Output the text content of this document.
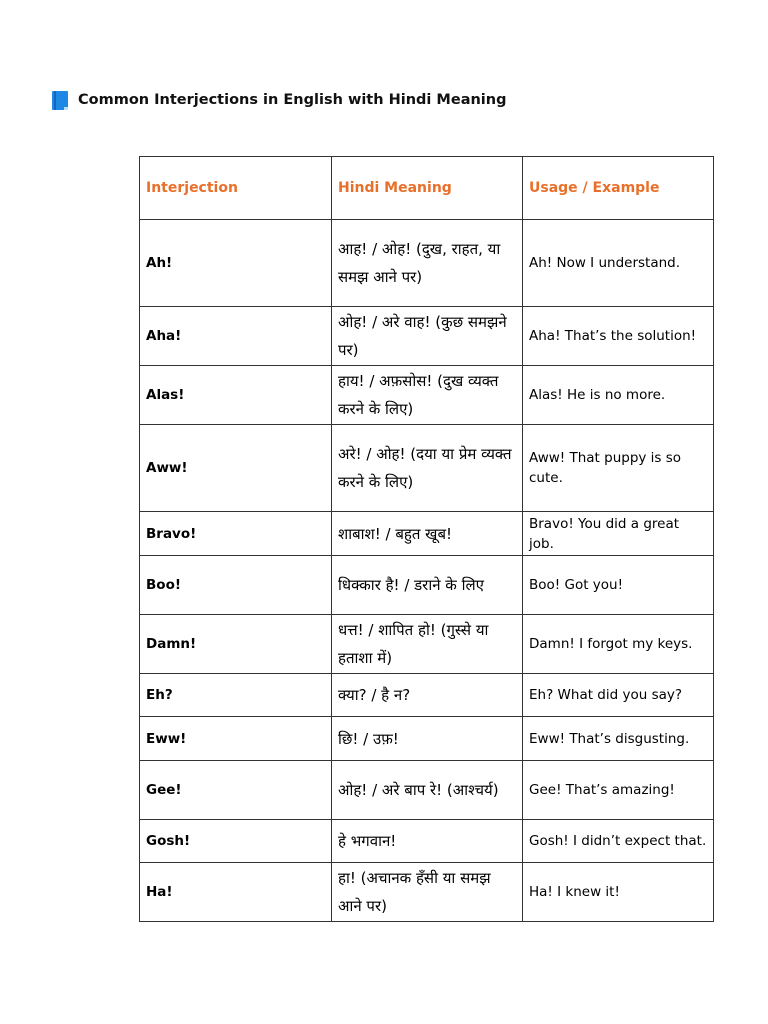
Common Interjections in English with Hindi Meaning
Interjection	Hindi Meaning	Usage / Example
Ah!	आह! / ओह! (दुख, राहत, या समझ आने पर)	Ah! Now I understand.
Aha!	ओह! / अरे वाह! (कुछ समझने पर)	Aha! That’s the solution!
Alas!	हाय! / अफ़सोस! (दुख व्यक्त करने के लिए)	Alas! He is no more.
Aww!	अरे! / ओह! (दया या प्रेम व्यक्त करने के लिए)	Aww! That puppy is so cute.
Bravo!	शाबाश! / बहुत खूब!	Bravo! You did a great job.
Boo!	धिक्कार है! / डराने के लिए	Boo! Got you!
Damn!	धत्त! / शापित हो! (गुस्से या हताशा में)	Damn! I forgot my keys.
Eh?	क्या? / है न?	Eh? What did you say?
Eww!	छि! / उफ़!	Eww! That’s disgusting.
Gee!	ओह! / अरे बाप रे! (आश्चर्य)	Gee! That’s amazing!
Gosh!	हे भगवान!	Gosh! I didn’t expect that.
Ha!	हा! (अचानक हँसी या समझ आने पर)	Ha! I knew it!
